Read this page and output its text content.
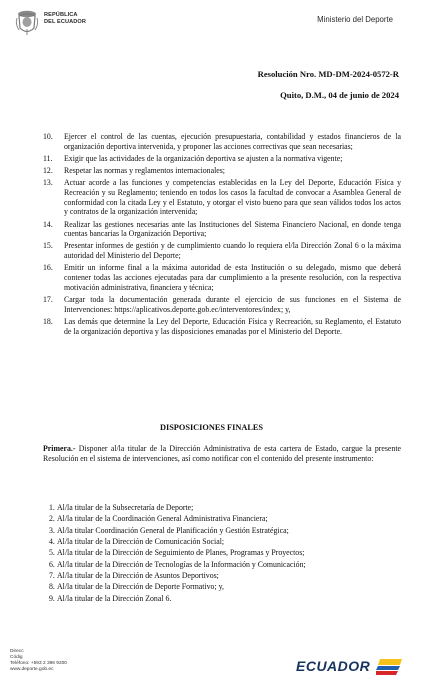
REPÚBLICA
DEL ECUADOR	Ministerio del Deporte
Resolución Nro. MD-DM-2024-0572-R
Quito, D.M., 04 de junio de 2024
10. Ejercer el control de las cuentas, ejecución presupuestaria, contabilidad y estados financieros de la organización deportiva intervenida, y proponer las acciones correctivas que sean necesarias;
11. Exigir que las actividades de la organización deportiva se ajusten a la normativa vigente;
12. Respetar las normas y reglamentos internacionales;
13. Actuar acorde a las funciones y competencias establecidas en la Ley del Deporte, Educación Física y Recreación y su Reglamento; teniendo en todos los casos la facultad de convocar a Asamblea General de conformidad con la citada Ley y el Estatuto, y otorgar el visto bueno para que sean válidos todos los actos y contratos de la organización intervenida;
14. Realizar las gestiones necesarias ante las Instituciones del Sistema Financiero Nacional, en donde tenga cuentas bancarias la Organización Deportiva;
15. Presentar informes de gestión y de cumplimiento cuando lo requiera el/la Dirección Zonal 6 o la máxima autoridad del Ministerio del Deporte;
16. Emitir un informe final a la máxima autoridad de esta Institución o su delegado, mismo que deberá contener todas las acciones ejecutadas para dar cumplimiento a la presente resolución, con la respectiva motivación administrativa, financiera y técnica;
17. Cargar toda la documentación generada durante el ejercicio de sus funciones en el Sistema de Intervenciones: https://aplicativos.deporte.gob.ec/interventores/index; y,
18. Las demás que determine la Ley del Deporte, Educación Física y Recreación, su Reglamento, el Estatuto de la organización deportiva y las disposiciones emanadas por el Ministerio del Deporte.
DISPOSICIONES FINALES
Primera.- Disponer al/la titular de la Dirección Administrativa de esta cartera de Estado, cargue la presente Resolución en el sistema de intervenciones, así como notificar con el contenido del presente instrumento:
1. Al/la titular de la Subsecretaría de Deporte;
2. Al/la titular de la Coordinación General Administrativa Financiera;
3. Al/la titular Coordinación General de Planificación y Gestión Estratégica;
4. Al/la titular de la Dirección de Comunicación Social;
5. Al/la titular de la Dirección de Seguimiento de Planes, Programas y Proyectos;
6. Al/la titular de la Dirección de Tecnologías de la Información y Comunicación;
7. Al/la titular de la Dirección de Asuntos Deportivos;
8. Al/la titular de la Dirección de Deporte Formativo; y,
9. Al/la titular de la Dirección Zonal 6.
Direcc
Códig
Teléfono: +593 2 396 9200
www.deporte.gob.ec	ECUADOR
